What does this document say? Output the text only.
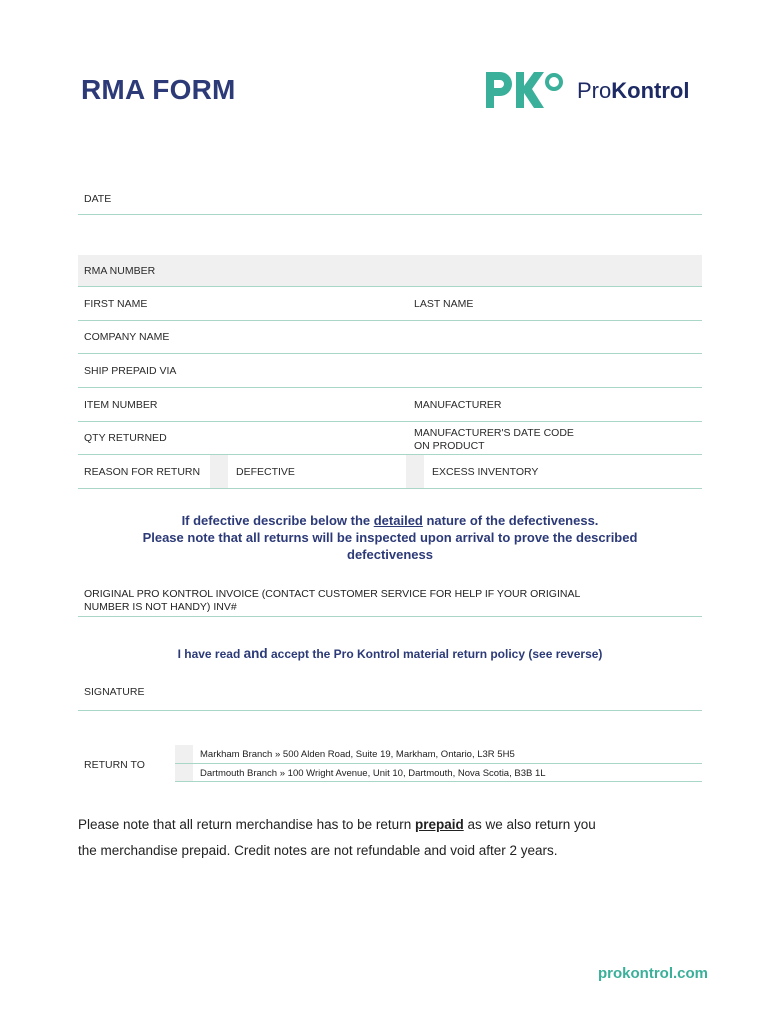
RMA FORM	ProKontrol
DATE
RMA NUMBER
FIRST NAME	LAST NAME
COMPANY NAME
SHIP PREPAID VIA
ITEM NUMBER	MANUFACTURER
QTY RETURNED	MANUFACTURER'S DATE CODE
ON PRODUCT
REASON FOR RETURN	DEFECTIVE	EXCESS INVENTORY
If defective describe below the detailed nature of the defectiveness.
Please note that all returns will be inspected upon arrival to prove the described
defectiveness
ORIGINAL PRO KONTROL INVOICE (CONTACT CUSTOMER SERVICE FOR HELP IF YOUR ORIGINAL
NUMBER IS NOT HANDY) INV#
I have read and accept the Pro Kontrol material return policy (see reverse)
SIGNATURE
RETURN TO
Markham Branch » 500 Alden Road, Suite 19, Markham, Ontario, L3R 5H5
Dartmouth Branch » 100 Wright Avenue, Unit 10, Dartmouth, Nova Scotia, B3B 1L
Please note that all return merchandise has to be return prepaid as we also return you
the merchandise prepaid. Credit notes are not refundable and void after 2 years.
prokontrol.com
